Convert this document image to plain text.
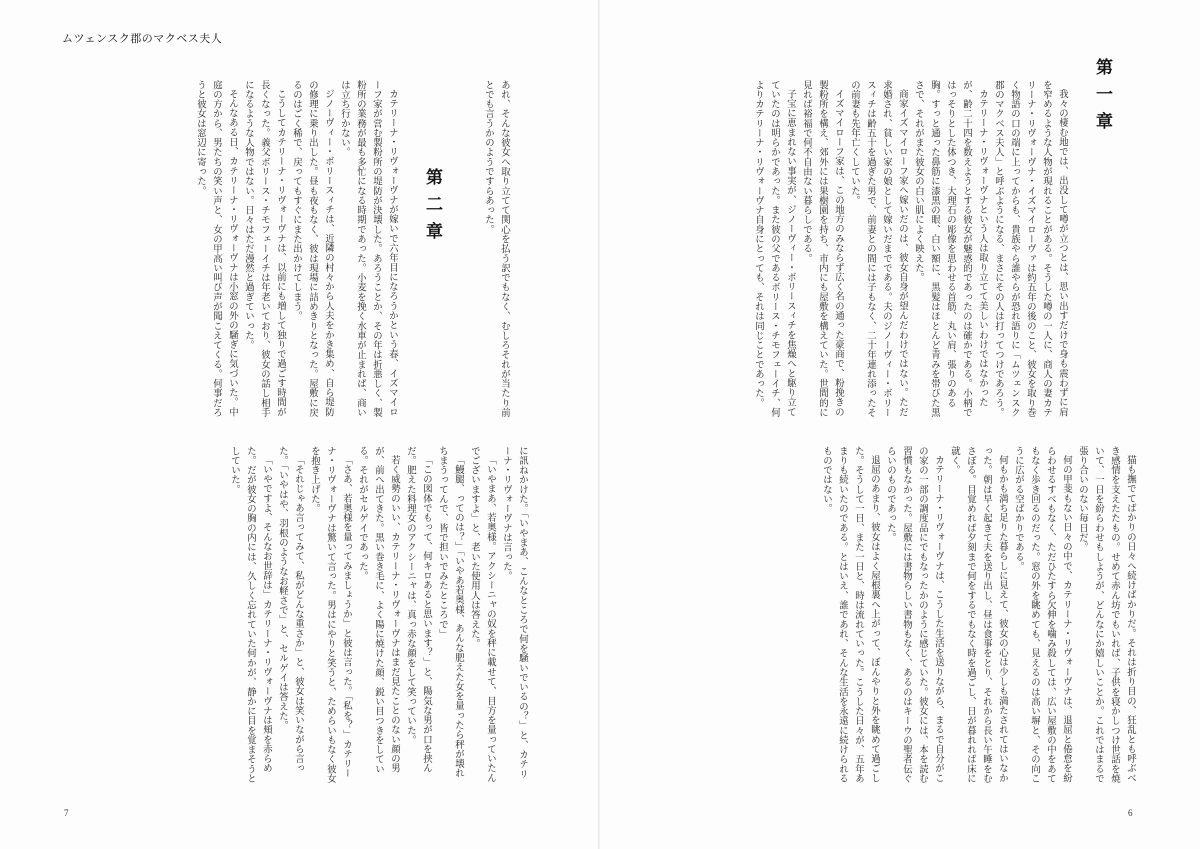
ムツェンスク郡のマクベス夫人
あれ、そんな彼女へ取り立てて関心を払う訳でもなく、むしろそれが当たり前とでも言うかのようですらあった。
第二章
カテリーナ・リヴォーヴナが嫁いで六年目になろうかという春、イズマイローフ家が営む製粉所の堤防が決壊した。あろうことか、その年は折悪しく、製粉所の業務が最も多忙になる時期であった。小麦を挽く水車が止まれば、商いは立ち行かない。
ジノーヴィー・ボリースィチは、近隣の村々から人夫をかき集め、自ら堤防の修理に乗り出した。昼も夜もなく、彼は現場に詰めきりとなった。屋敷に戻るのはごく稀で、戻ってもすぐにまた出かけてしまう。
こうしてカテリーナ・リヴォーヴナは、以前にも増して独りで過ごす時間が長くなった。義父ボリース・チモフェーイチは年老いており、彼女の話し相手になるような人物ではない。日々はただ漫然と過ぎていった。
そんなある日、カテリーナ・リヴォーヴナは小窓の外の騒ぎに気づいた。中庭の方から、男たちの笑い声と、女の甲高い叫び声が聞こえてくる。何事だろうと彼女は窓辺に寄った。
に訊ねかけた。「いやまあ、こんなところで何を騒いでいるの？」と、カテリーナ・リヴォーヴナは言った。
「いやまあ、若奥様。アクシーニャの奴を秤に載せて、目方を量っていたんでございますよ」と、老いた使用人は答えた。
「鰻腿、ってのは？」「いやあ若奥様、あんな肥えた女を量ったら秤が壊れちまうってんで、皆で担いでみたところで」
「この図体でもって、何キロあると思います？」と、陽気な男が口を挟んだ。肥えた料理女のアクシーニャは、真っ赤な顔をして笑っていた。
若く威勢のいい、カテリーナ・リヴォーヴナはまだ見たことのない顔の男が、前へ出てきた。黒い巻き毛に、よく陽に焼けた顔、鋭い目つきをしている。それがセルゲイであった。
「さあ、若奥様を量ってみましょうか」と彼は言った。「私を？」カテリーナ・リヴォーヴナは驚いて言った。男はにやりと笑うと、ためらいもなく彼女を抱き上げた。
「それじゃあ言ってみて、私がどんな重さか」と、彼女は笑いながら言った。「いやはや、羽根のようなお軽さで」と、セルゲイは答えた。
「いやですよ、そんなお世辞は」カテリーナ・リヴォーヴナは頬を赤らめた。だが彼女の胸の内には、久しく忘れていた何かが、静かに目を覚まそうとしていた。
7
第一章
我々の棲む地では、出没して噂が立つとは、思い出すだけで身も震わずに肩を窄めるような人物が現れることがある。そうした噂の一人に、商人の妻カテリーナ・リヴォーヴナ・イズマイローヴァは約五年の後のこと、彼女を取り巻く物語の口の端に上ってからも、貴族やら誰やらが恐れ語りに「ムツェンスク郡のマクベス夫人」と呼ぶようになる、まさにその人は打ってつけであろう。
カテリーナ・リヴォーヴナという人は取り立てて美しいわけではなかったが、齢二十四を数えようとする彼女が魅惑的であったのは確かである。小柄ではっそりとした体つき、大理石の彫像を思わせる首筋、丸い肩、張りのある胸。すっと通った鼻筋に漆黒の眼、白い額に、黒髪はほとんど青みを帯びた黒さで、それがまた彼女の白い肌によく映えた。
商家イズマイローフ家へ嫁いだのは、彼女自身が望んだわけではない。ただ求婚され、貧しい家の娘として嫁いだまでである。夫のジノーヴィー・ボリースィチは齢五十を過ぎた男で、前妻との間には子もなく、二十年連れ添ったその前妻も先年亡くしていた。
イズマイローフ家は、この地方のみならず広く名の通った豪商で、粉挽きの製粉所を構え、郊外には果樹園を持ち、市内にも屋敷を構えていた。世間的に見れば裕福で何不自由ない暮らしである。
子宝に恵まれない事実が、ジノーヴィー・ボリースィチを焦燥へと駆り立てていたのは明らかであった。また彼の父であるボリース・チモフェーイチ、何よりカテリーナ・リヴォーヴナ自身にとっても、それは同じことであった。
猫も撫でてばかりの日々へ続けばかりだ。それは折り目の、狂乱とも呼ぶべき感情を支えたたもの。せめて赤ん坊でもいれば、子供を寝かしつけ世話を焼いて、一日を紛らわせもしようが、どんなにか嬉しいことか。これではまるで張り合いのない毎日だ。
何の甲斐もない日々の中で、カテリーナ・リヴォーヴナは、退屈と倦怠を紛らわせるすべもなく、ただひたすら欠伸を噛み殺しては、広い屋敷の中をあてもなく歩き回るのだった。窓の外を眺めても、見えるのは高い塀と、その向こうに広がる空ばかりである。
何もかも満ち足りた暮らしに見えて、彼女の心は少しも満たされてはいなかった。朝は早く起きて夫を送り出し、昼は食事をとり、それから長い午睡をむさぼる。目覚めれば夕刻まで何をするでもなく時を過ごし、日が暮れれば床に就く。
カテリーナ・リヴォーヴナは、こうした生活を送りながら、まるで自分がこの家の一部の調度品にでもなったかのように感じていた。彼女には、本を読む習慣もなかった。屋敷には書物らしい書物もなく、あるのはキーウの聖者伝ぐらいのものであった。
退屈のあまり、彼女はよく屋根裏へ上がって、ぼんやりと外を眺めて過ごした。そうして一日、また一日と、時は流れていった。こうした日々が、五年あまりも続いたのである。とはいえ、誰であれ、そんな生活を永遠に続けられるものではない。
6
